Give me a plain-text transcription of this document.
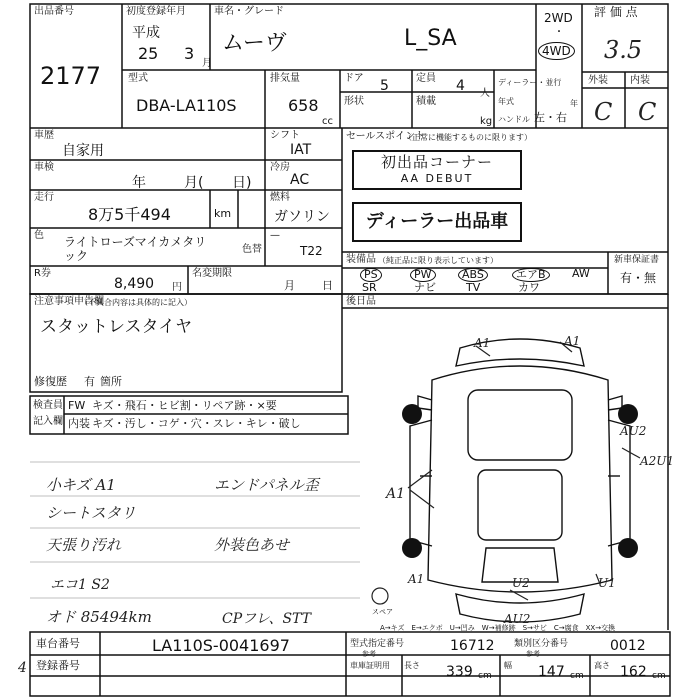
出品番号
2177
初度登録年月
平成
25 3
月
車名・グレード
ムーヴ	L_SA
2WD
・
4WD
評 価 点
3.5
型式
DBA-LA110S
排気量
658
cc
ドア 5
形状
定員 4 人
積載
kg
ディーラー・並行
年式	年
ハンドル 左・右
外装 内装
C C
車歴
自家用
シフト
IAT
車検
年	月( 日)
冷房
AC
走行
8万5千494	km
燃料
ガソリン
色 ライトローズマイカメタリ
ック	色替
—
T22
R券
8,490 円
名変期限
月 日
注意事項申告欄
（不具合内容は具体的に記入）
スタットレスタイヤ
修復歴 有 箇所
セールスポイント
（正常に機能するものに限ります）
初出品コーナー
AA DEBUT
ディーラー出品車
装備品 （純正品に限り表示しています）	新車保証書
有・無
PS	PW	ABS	エアB	AW
SR	ナビ	TV	カワ
後日品
検査員
記入欄
FW キズ・飛石・ヒビ割・リペア跡・×要
内装 キズ・汚し・コゲ・穴・スレ・キレ・破し
小キズ A1
シートスタリ
天張り汚れ
エンドパネル歪
外装色あせ
エコ1 S2
オド 85494km	CPフレ、STT
A1	A1
AU2
A2U1
A1
A1	U2	U1
AU2
スペア
A→キズ　E→エクボ　U→凹み　W→補修跡　S→サビ　C→腐食　XX→交換
車台番号	LA110S-0041697
登録番号
型式指定番号
参考	16712 類別区分番号
参考	0012
車庫証明用 長さ 339 cm
幅 147 cm
高さ 162 cm
4
